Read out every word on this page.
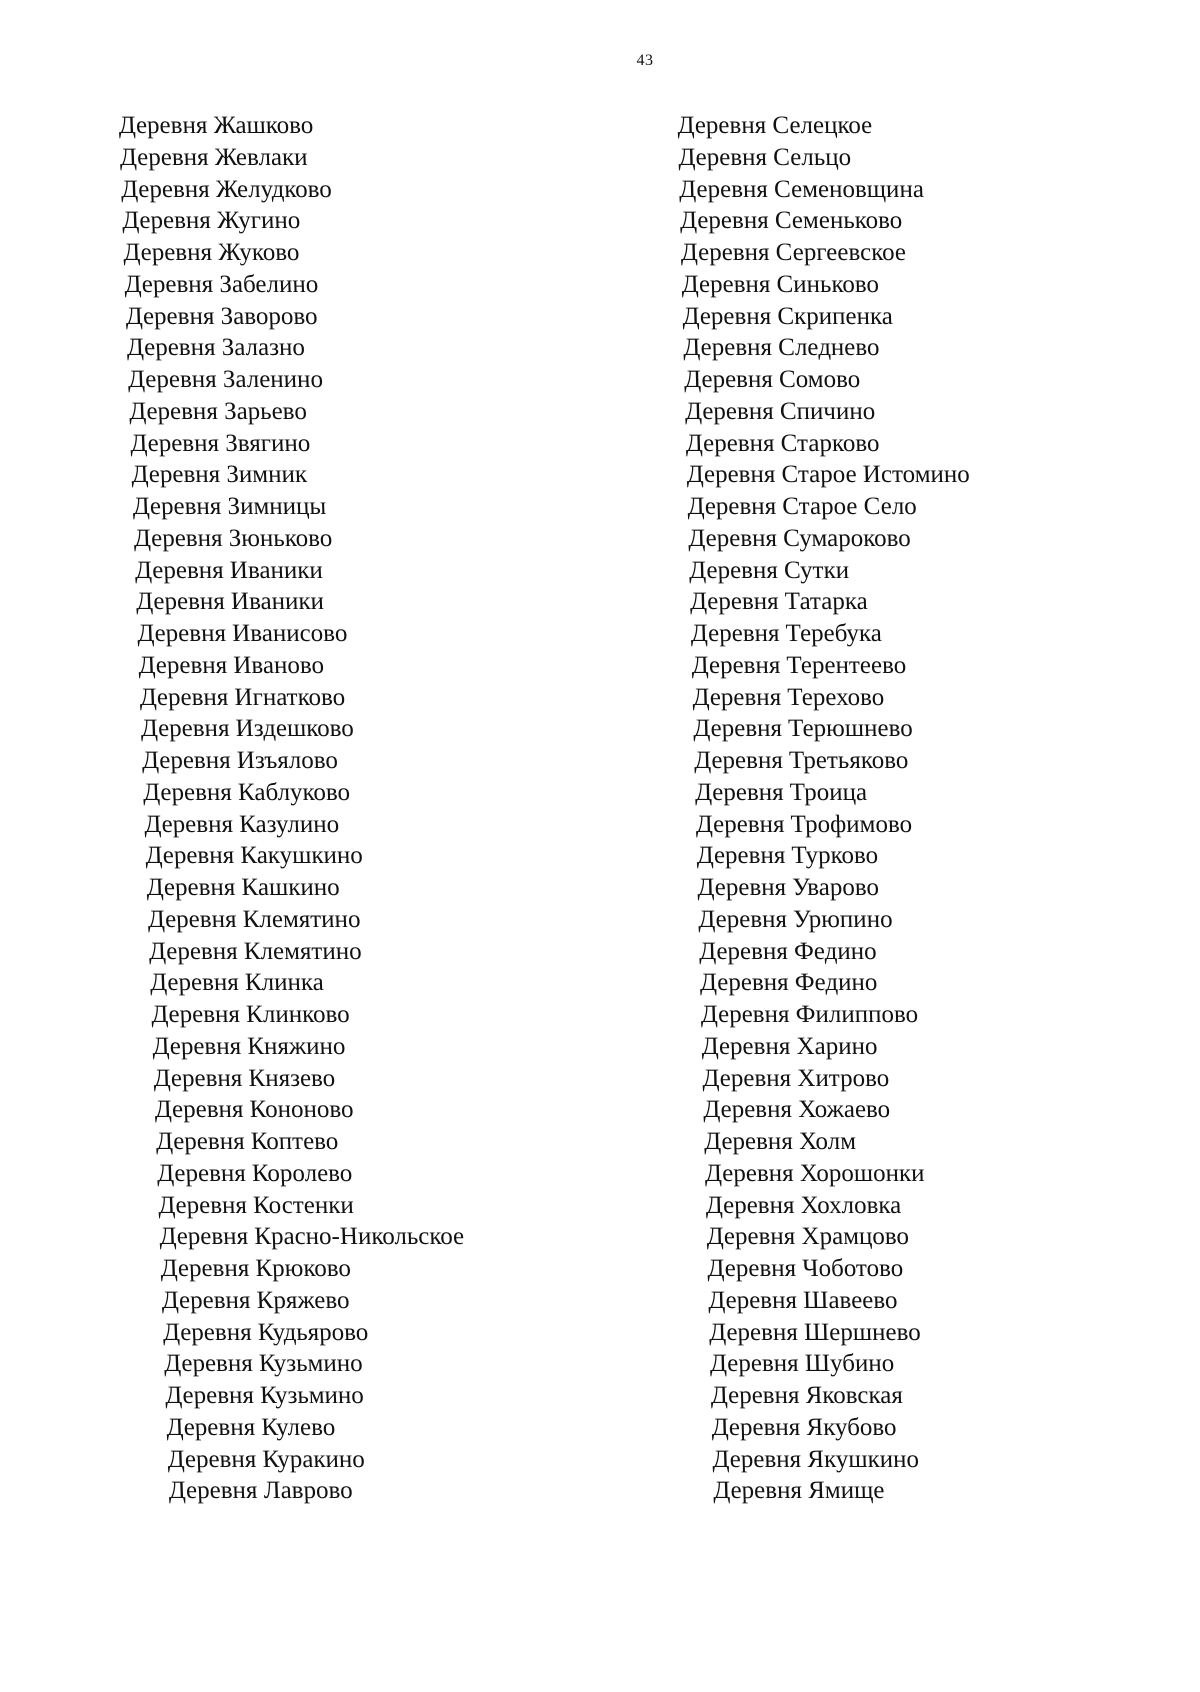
43
Деревня Жашково
Деревня Жевлаки
Деревня Желудково
Деревня Жугино
Деревня Жуково
Деревня Забелино
Деревня Заворово
Деревня Залазно
Деревня Заленино
Деревня Зарьево
Деревня Звягино
Деревня Зимник
Деревня Зимницы
Деревня Зюньково
Деревня Иваники
Деревня Иваники
Деревня Иванисово
Деревня Иваново
Деревня Игнатково
Деревня Издешково
Деревня Изъялово
Деревня Каблуково
Деревня Казулино
Деревня Какушкино
Деревня Кашкино
Деревня Клемятино
Деревня Клемятино
Деревня Клинка
Деревня Клинково
Деревня Княжино
Деревня Князево
Деревня Кононово
Деревня Коптево
Деревня Королево
Деревня Костенки
Деревня Красно-Никольское
Деревня Крюково
Деревня Кряжево
Деревня Кудьярово
Деревня Кузьмино
Деревня Кузьмино
Деревня Кулево
Деревня Куракино
Деревня Лаврово
Деревня Селецкое
Деревня Сельцо
Деревня Семеновщина
Деревня Семеньково
Деревня Сергеевское
Деревня Синьково
Деревня Скрипенка
Деревня Следнево
Деревня Сомово
Деревня Спичино
Деревня Старково
Деревня Старое Истомино
Деревня Старое Село
Деревня Сумароково
Деревня Сутки
Деревня Татарка
Деревня Теребука
Деревня Терентеево
Деревня Терехово
Деревня Терюшнево
Деревня Третьяково
Деревня Троица
Деревня Трофимово
Деревня Турково
Деревня Уварово
Деревня Урюпино
Деревня Федино
Деревня Федино
Деревня Филиппово
Деревня Харино
Деревня Хитрово
Деревня Хожаево
Деревня Холм
Деревня Хорошонки
Деревня Хохловка
Деревня Храмцово
Деревня Чоботово
Деревня Шавеево
Деревня Шершнево
Деревня Шубино
Деревня Яковская
Деревня Якубово
Деревня Якушкино
Деревня Ямище
